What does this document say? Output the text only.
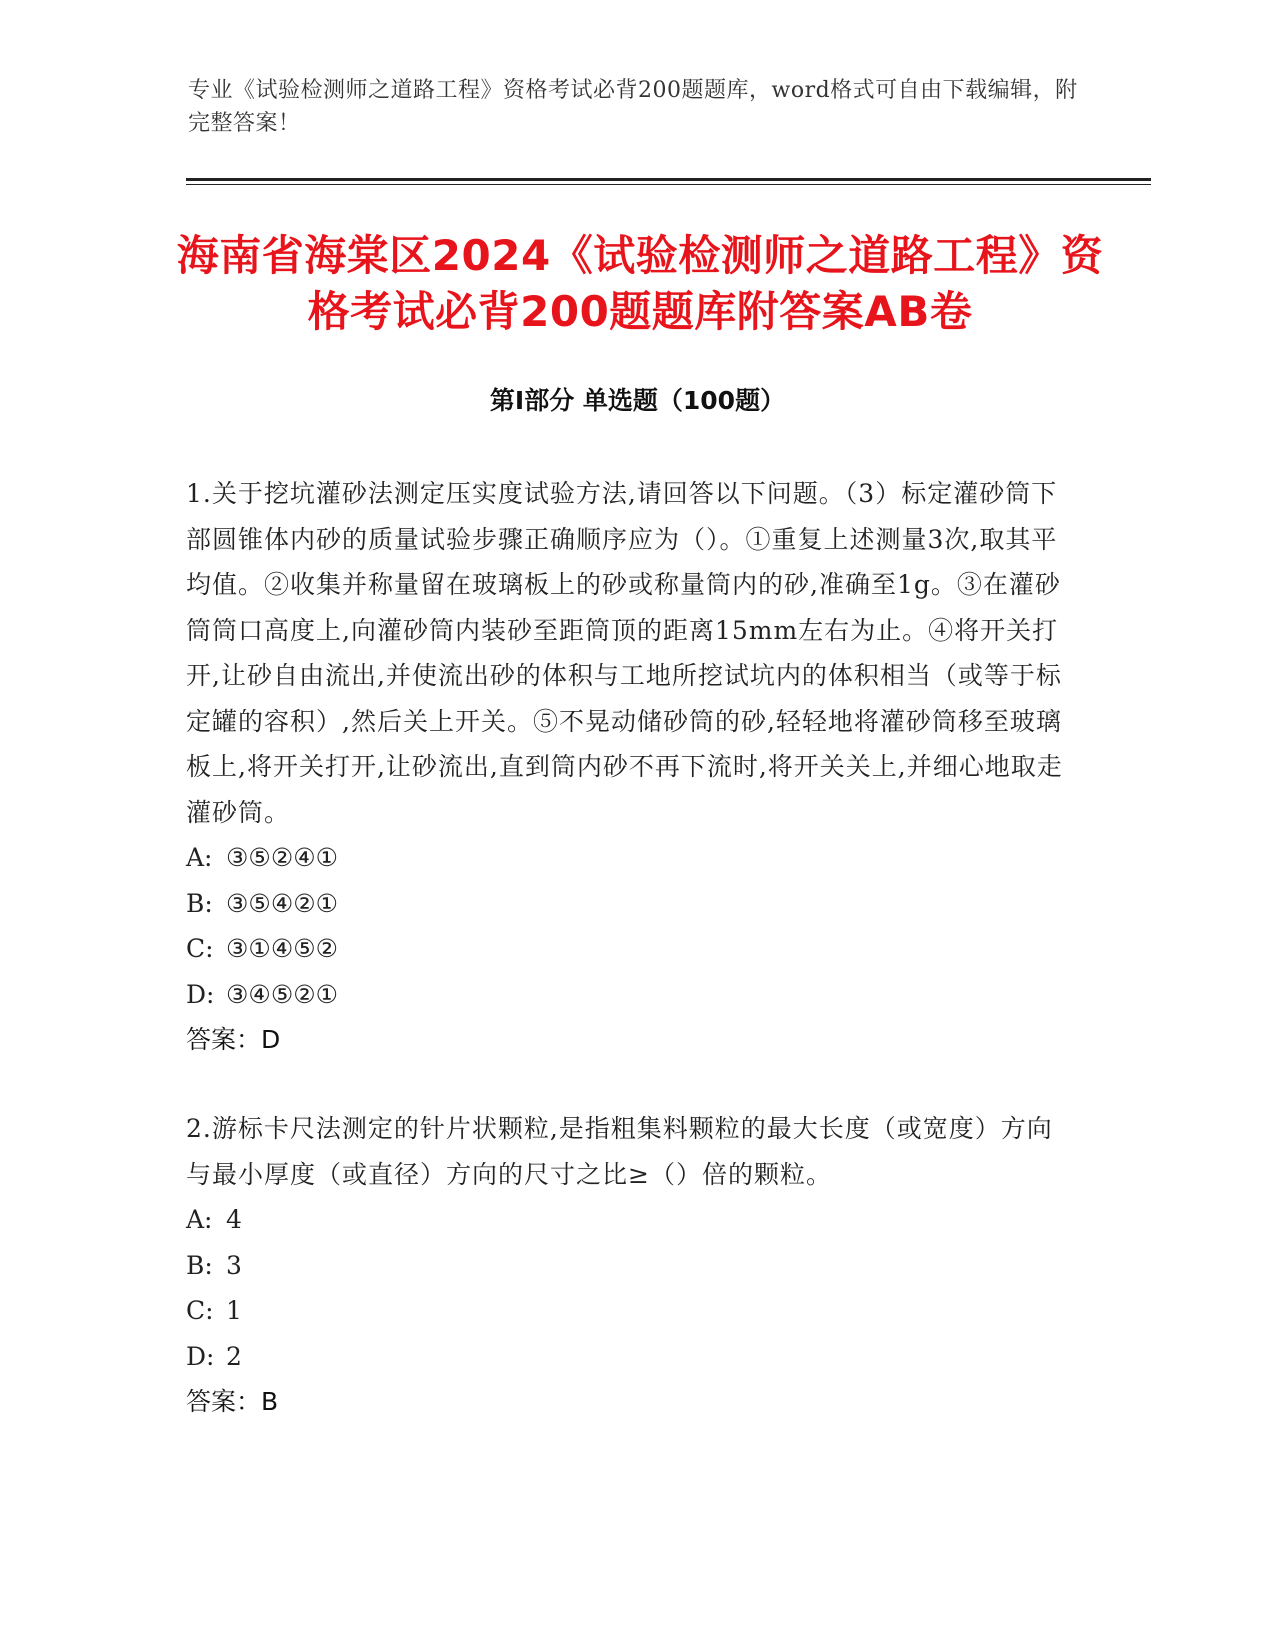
专业《试验检测师之道路工程》资格考试必背200题题库，word格式可自由下载编辑，附完整答案！
海南省海棠区2024《试验检测师之道路工程》资格考试必背200题题库附答案AB卷
第I部分 单选题（100题）

1.关于挖坑灌砂法测定压实度试验方法,请回答以下问题。（3）标定灌砂筒下部圆锥体内砂的质量试验步骤正确顺序应为（）。①重复上述测量3次,取其平均值。②收集并称量留在玻璃板上的砂或称量筒内的砂,准确至1g。③在灌砂筒筒口高度上,向灌砂筒内装砂至距筒顶的距离15mm左右为止。④将开关打开,让砂自由流出,并使流出砂的体积与工地所挖试坑内的体积相当（或等于标定罐的容积）,然后关上开关。⑤不晃动储砂筒的砂,轻轻地将灌砂筒移至玻璃板上,将开关打开,让砂流出,直到筒内砂不再下流时,将开关关上,并细心地取走灌砂筒。

A: ③⑤②④①

B: ③⑤④②①

C: ③①④⑤②

D: ③④⑤②①

答案：D

2.游标卡尺法测定的针片状颗粒,是指粗集料颗粒的最大长度（或宽度）方向与最小厚度（或直径）方向的尺寸之比≥（）倍的颗粒。

A: 4

B: 3

C: 1

D: 2

答案：B
